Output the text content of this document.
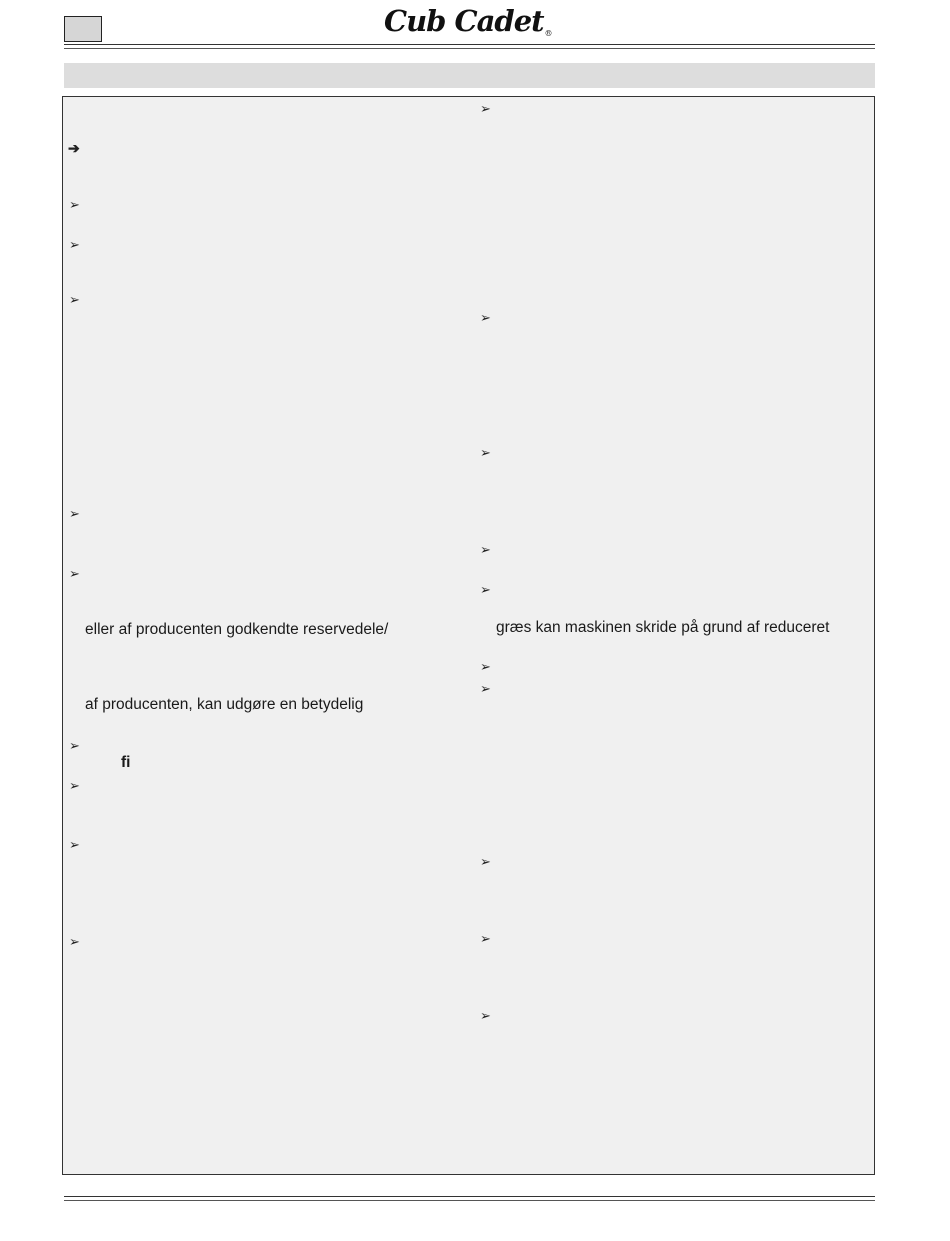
Cub Cadet®
➔
➢
➢
➢
➢
➢
➢
➢
➢
➢
eller af producenten godkendte reservedele/
af producenten, kan udgøre en betydelig
fi
➢
➢
➢
➢
➢
➢
➢
➢
➢
➢
græs kan maskinen skride på grund af reduceret
